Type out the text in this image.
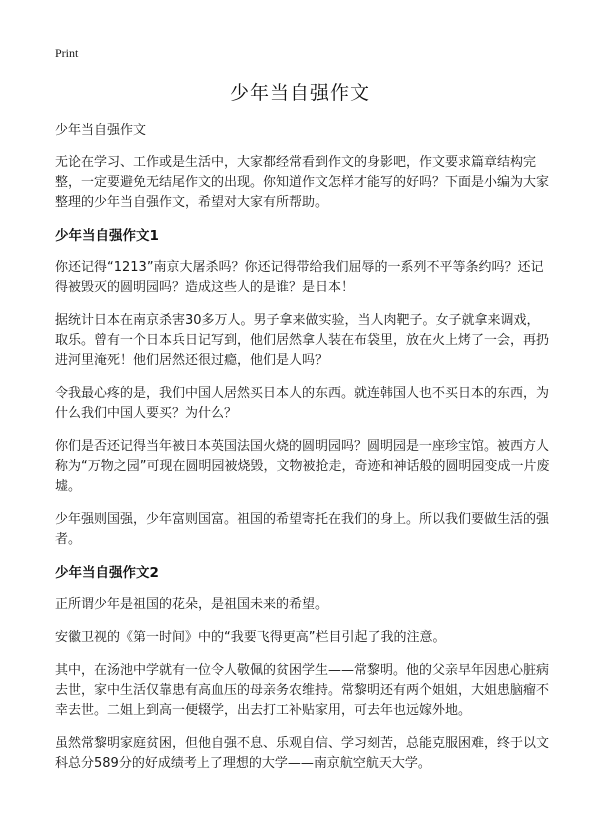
Print
少年当自强作文

少年当自强作文

无论在学习、工作或是生活中，大家都经常看到作文的身影吧，作文要求篇章结构完整，一定要避免无结尾作文的出现。你知道作文怎样才能写的好吗？下面是小编为大家整理的少年当自强作文，希望对大家有所帮助。

少年当自强作文1

你还记得“1213”南京大屠杀吗？你还记得带给我们屈辱的一系列不平等条约吗？还记得被毁灭的圆明园吗？造成这些人的是谁？是日本！

据统计日本在南京杀害30多万人。男子拿来做实验，当人肉靶子。女子就拿来调戏，取乐。曾有一个日本兵日记写到，他们居然拿人装在布袋里，放在火上烤了一会，再扔进河里淹死！他们居然还很过瘾，他们是人吗？

令我最心疼的是，我们中国人居然买日本人的东西。就连韩国人也不买日本的东西，为什么我们中国人要买？为什么？

你们是否还记得当年被日本英国法国火烧的圆明园吗？圆明园是一座珍宝馆。被西方人称为“万物之园”可现在圆明园被烧毁，文物被抢走，奇迹和神话般的圆明园变成一片废墟。

少年强则国强，少年富则国富。祖国的希望寄托在我们的身上。所以我们要做生活的强者。

少年当自强作文2

正所谓少年是祖国的花朵，是祖国未来的希望。

安徽卫视的《第一时间》中的“我要飞得更高”栏目引起了我的注意。

其中，在汤池中学就有一位令人敬佩的贫困学生——常黎明。他的父亲早年因患心脏病去世，家中生活仅靠患有高血压的母亲务农维持。常黎明还有两个姐姐，大姐患脑瘤不幸去世。二姐上到高一便辍学，出去打工补贴家用，可去年也远嫁外地。

虽然常黎明家庭贫困，但他自强不息、乐观自信、学习刻苦，总能克服困难，终于以文科总分589分的好成绩考上了理想的大学——南京航空航天大学。
